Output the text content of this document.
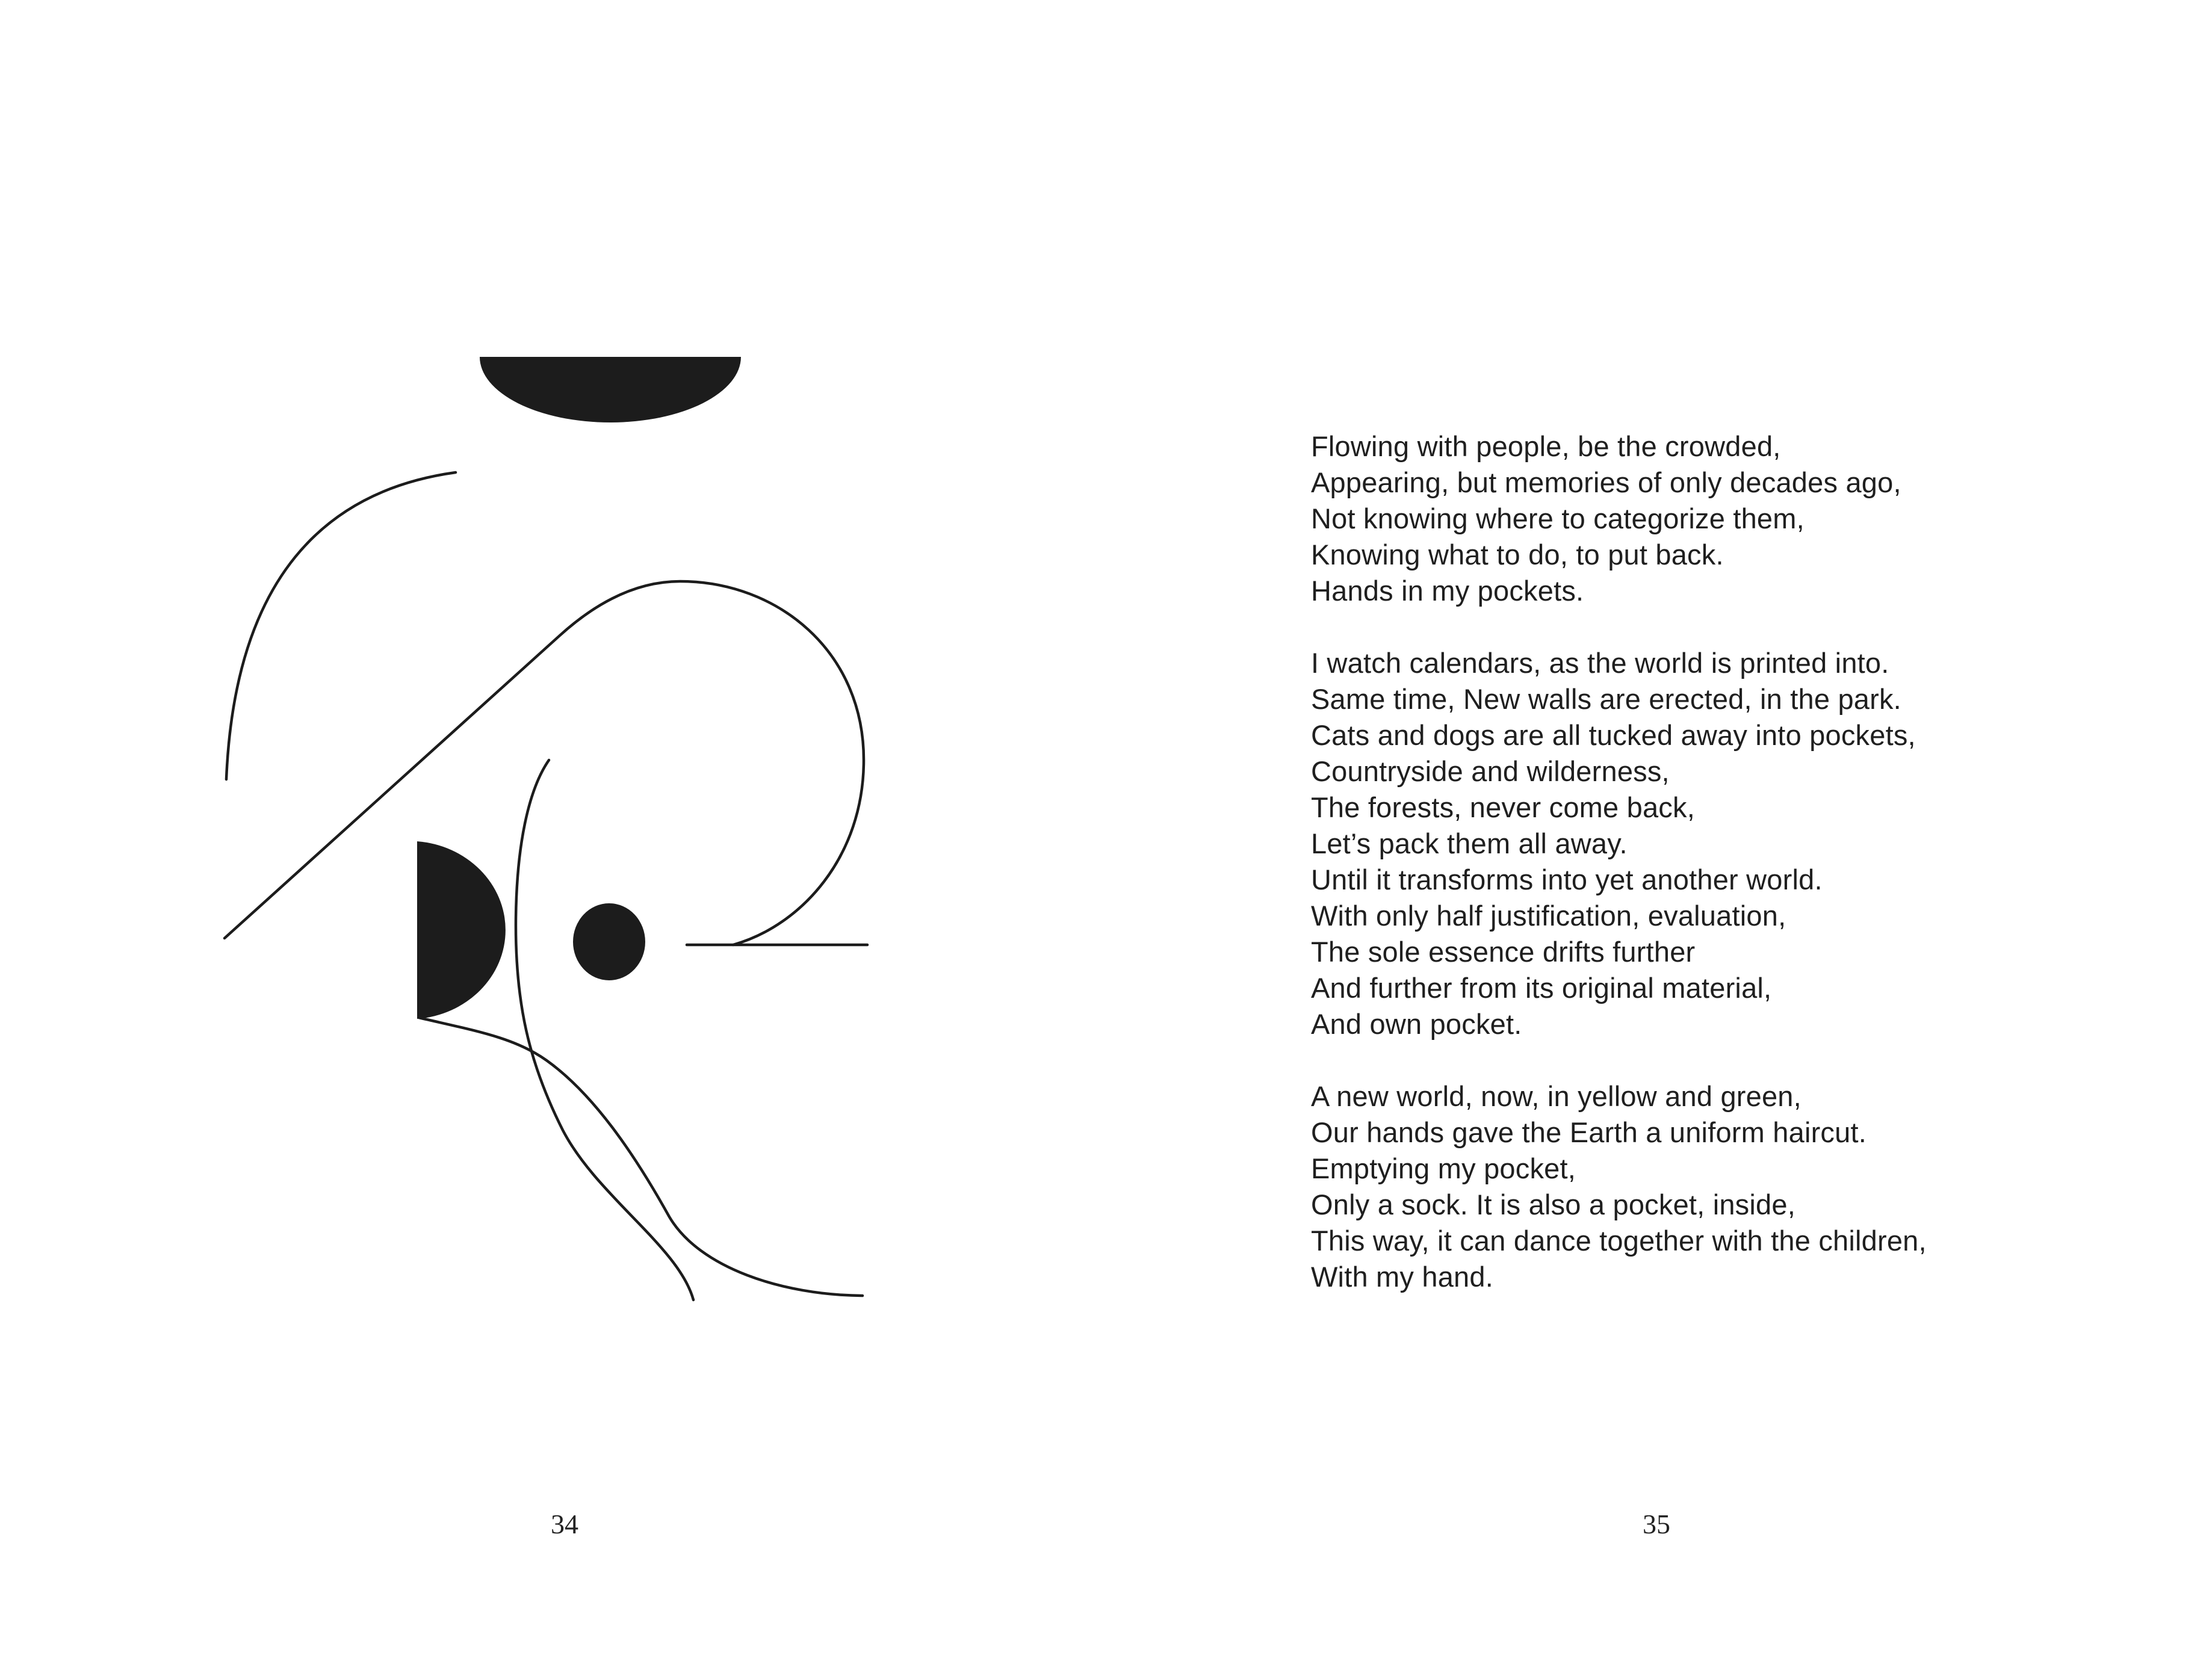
Flowing with people, be the crowded,
Appearing, but memories of only decades ago,
Not knowing where to categorize them,
Knowing what to do, to put back.
Hands in my pockets.
I watch calendars, as the world is printed into.
Same time, New walls are erected, in the park.
Cats and dogs are all tucked away into pockets,
Countryside and wilderness,
The forests, never come back,
Let’s pack them all away.
Until it transforms into yet another world.
With only half justification, evaluation,
The sole essence drifts further
And further from its original material,
And own pocket.
A new world, now, in yellow and green,
Our hands gave the Earth a uniform haircut.
Emptying my pocket,
Only a sock. It is also a pocket, inside,
This way, it can dance together with the children,
With my hand.
34	35
